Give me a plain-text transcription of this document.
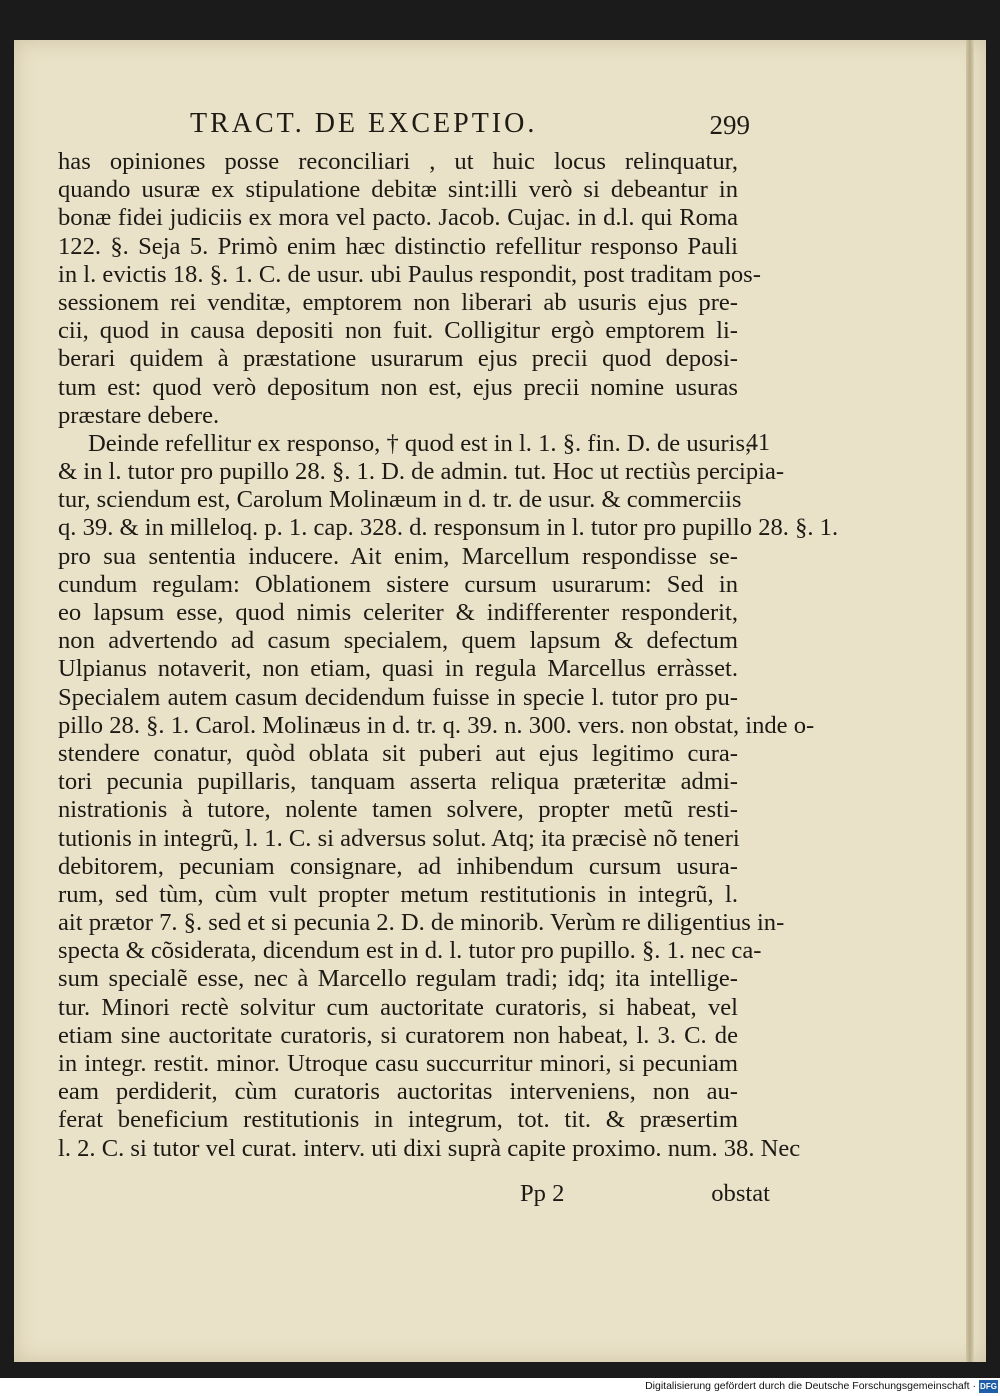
TRACT. DE EXCEPTIO.	299
has opiniones posse reconciliari , ut huic locus relinquatur,
quando usuræ ex stipulatione debitæ sint:illi verò si debeantur in
bonæ fidei judiciis ex mora vel pacto. Jacob. Cujac. in d.l. qui Roma
122. §. Seja 5. Primò enim hæc distinctio refellitur responso Pauli
in l. evictis 18. §. 1. C. de usur. ubi Paulus respondit, post traditam pos-
sessionem rei venditæ, emptorem non liberari ab usuris ejus pre-
cii, quod in causa depositi non fuit. Colligitur ergò emptorem li-
berari quidem à præstatione usurarum ejus precii quod deposi-
tum est: quod verò depositum non est, ejus precii nomine usuras
præstare debere.
Deinde refellitur ex responso, † quod est in l. 1. §. fin. D. de usuris,
& in l. tutor pro pupillo 28. §. 1. D. de admin. tut. Hoc ut rectiùs percipia-
tur, sciendum est, Carolum Molinæum in d. tr. de usur. & commerciis
q. 39. & in milleloq. p. 1. cap. 328. d. responsum in l. tutor pro pupillo 28. §. 1.
pro sua sententia inducere. Ait enim, Marcellum respondisse se-
cundum regulam: Oblationem sistere cursum usurarum: Sed in
eo lapsum esse, quod nimis celeriter & indifferenter responderit,
non advertendo ad casum specialem, quem lapsum & defectum
Ulpianus notaverit, non etiam, quasi in regula Marcellus erràsset.
Specialem autem casum decidendum fuisse in specie l. tutor pro pu-
pillo 28. §. 1. Carol. Molinæus in d. tr. q. 39. n. 300. vers. non obstat, inde o-
stendere conatur, quòd oblata sit puberi aut ejus legitimo cura-
tori pecunia pupillaris, tanquam asserta reliqua præteritæ admi-
nistrationis à tutore, nolente tamen solvere, propter metũ resti-
tutionis in integrũ, l. 1. C. si adversus solut. Atq; ita præcisè nõ teneri
debitorem, pecuniam consignare, ad inhibendum cursum usura-
rum, sed tùm, cùm vult propter metum restitutionis in integrũ, l.
ait prætor 7. §. sed et si pecunia 2. D. de minorib. Verùm re diligentius in-
specta & cõsiderata, dicendum est in d. l. tutor pro pupillo. §. 1. nec ca-
sum specialẽ esse, nec à Marcello regulam tradi; idq; ita intellige-
tur. Minori rectè solvitur cum auctoritate curatoris, si habeat, vel
etiam sine auctoritate curatoris, si curatorem non habeat, l. 3. C. de
in integr. restit. minor. Utroque casu succurritur minori, si pecuniam
eam perdiderit, cùm curatoris auctoritas interveniens, non au-
ferat beneficium restitutionis in integrum, tot. tit. & præsertim
l. 2. C. si tutor vel curat. interv. uti dixi suprà capite proximo. num. 38. Nec
41
Pp 2	obstat
Digitalisierung gefördert durch die Deutsche Forschungsgemeinschaft · DFG
